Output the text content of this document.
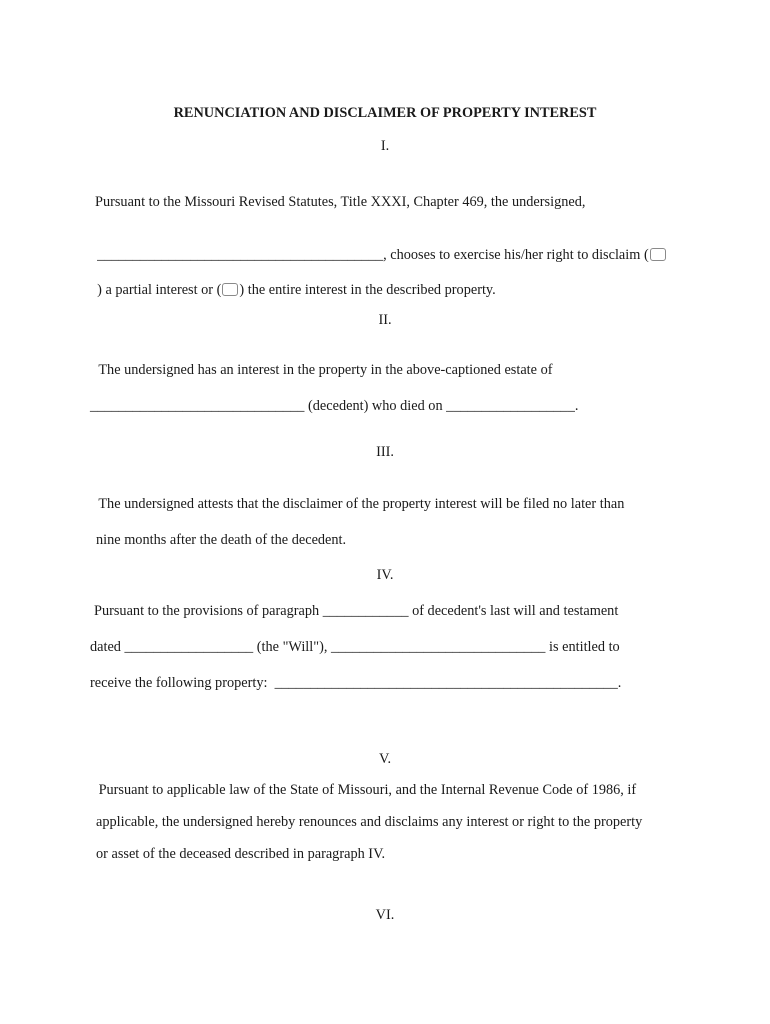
RENUNCIATION AND DISCLAIMER OF PROPERTY INTEREST
I.
Pursuant to the Missouri Revised Statutes, Title XXXI, Chapter 469, the undersigned,

________________________________________, chooses to exercise his/her right to disclaim (

) a partial interest or ( ) the entire interest in the described property.

II.
The undersigned has an interest in the property in the above-captioned estate of
______________________________ (decedent) who died on __________________.
III.
The undersigned attests that the disclaimer of the property interest will be filed no later than
nine months after the death of the decedent.
IV.
Pursuant to the provisions of paragraph ____________ of decedent's last will and testament
dated __________________ (the "Will"), ______________________________ is entitled to
receive the following property:  ________________________________________________.
V.
Pursuant to applicable law of the State of Missouri, and the Internal Revenue Code of 1986, if
applicable, the undersigned hereby renounces and disclaims any interest or right to the property
or asset of the deceased described in paragraph IV.
VI.
